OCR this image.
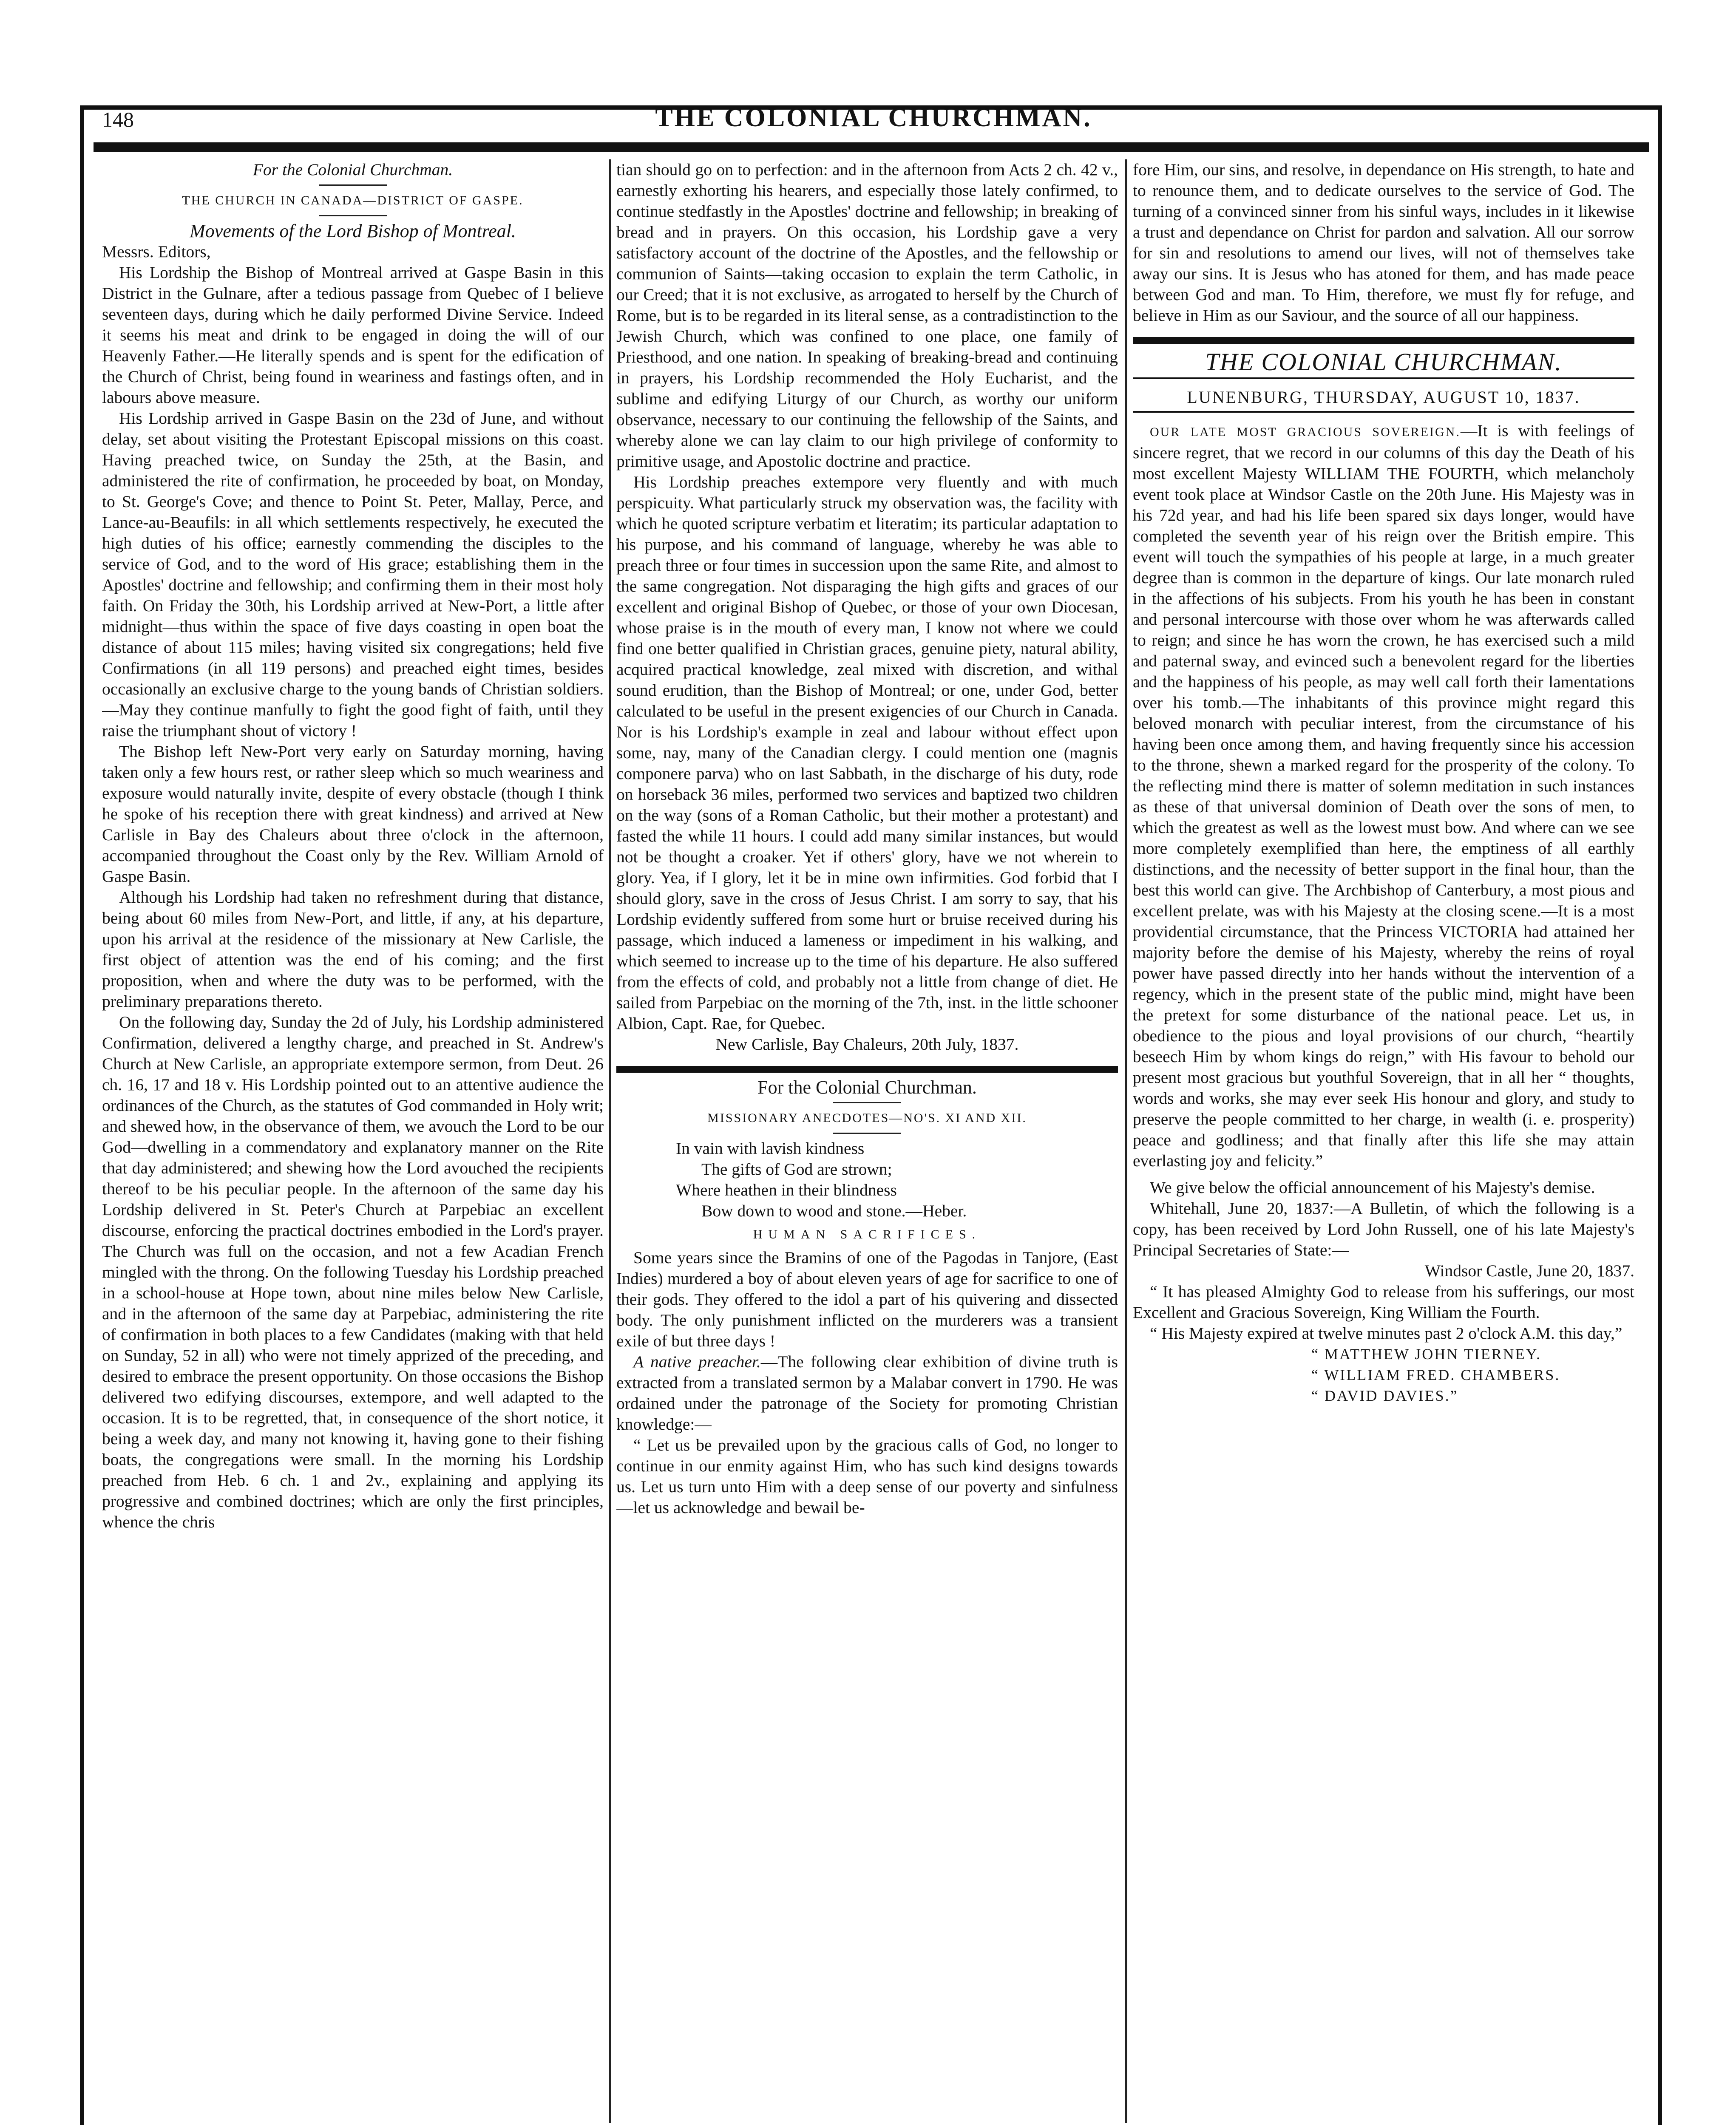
148	THE COLONIAL CHURCHMAN.

For the Colonial Churchman.

THE CHURCH IN CANADA—DISTRICT OF GASPE.

Movements of the Lord Bishop of Montreal.

Messrs. Editors,

His Lordship the Bishop of Montreal arrived at Gaspe Basin in this District in the Gulnare, after a tedious passage from Quebec of I believe seventeen days, during which he daily performed Divine Service. Indeed it seems his meat and drink to be engaged in doing the will of our Heavenly Father.—He literally spends and is spent for the edification of the Church of Christ, being found in weariness and fastings often, and in labours above measure.

His Lordship arrived in Gaspe Basin on the 23d of June, and without delay, set about visiting the Protestant Episcopal missions on this coast. Having preached twice, on Sunday the 25th, at the Basin, and administered the rite of confirmation, he proceeded by boat, on Monday, to St. George's Cove; and thence to Point St. Peter, Mallay, Perce, and Lance-au-Beaufils: in all which settlements respectively, he executed the high duties of his office; earnestly commending the disciples to the service of God, and to the word of His grace; establishing them in the Apostles' doctrine and fellowship; and confirming them in their most holy faith. On Friday the 30th, his Lordship arrived at New-Port, a little after midnight—thus within the space of five days coasting in open boat the distance of about 115 miles; having visited six congregations; held five Confirmations (in all 119 persons) and preached eight times, besides occasionally an exclusive charge to the young bands of Christian soldiers.—May they continue manfully to fight the good fight of faith, until they raise the triumphant shout of victory !

The Bishop left New-Port very early on Saturday morning, having taken only a few hours rest, or rather sleep which so much weariness and exposure would naturally invite, despite of every obstacle (though I think he spoke of his reception there with great kindness) and arrived at New Carlisle in Bay des Chaleurs about three o'clock in the afternoon, accompanied throughout the Coast only by the Rev. William Arnold of Gaspe Basin.

Although his Lordship had taken no refreshment during that distance, being about 60 miles from New-Port, and little, if any, at his departure, upon his arrival at the residence of the missionary at New Carlisle, the first object of attention was the end of his coming; and the first proposition, when and where the duty was to be performed, with the preliminary preparations thereto.

On the following day, Sunday the 2d of July, his Lordship administered Confirmation, delivered a lengthy charge, and preached in St. Andrew's Church at New Carlisle, an appropriate extempore sermon, from Deut. 26 ch. 16, 17 and 18 v. His Lordship pointed out to an attentive audience the ordinances of the Church, as the statutes of God commanded in Holy writ; and shewed how, in the observance of them, we avouch the Lord to be our God—dwelling in a commendatory and explanatory manner on the Rite that day administered; and shewing how the Lord avouched the recipients thereof to be his peculiar people. In the afternoon of the same day his Lordship delivered in St. Peter's Church at Parpebiac an excellent discourse, enforcing the practical doctrines embodied in the Lord's prayer. The Church was full on the occasion, and not a few Acadian French mingled with the throng. On the following Tuesday his Lordship preached in a school-house at Hope town, about nine miles below New Carlisle, and in the afternoon of the same day at Parpebiac, administering the rite of confirmation in both places to a few Candidates (making with that held on Sunday, 52 in all) who were not timely apprized of the preceding, and desired to embrace the present opportunity. On those occasions the Bishop delivered two edifying discourses, extempore, and well adapted to the occasion. It is to be regretted, that, in consequence of the short notice, it being a week day, and many not knowing it, having gone to their fishing boats, the congregations were small. In the morning his Lordship preached from Heb. 6 ch. 1 and 2v., explaining and applying its progressive and combined doctrines; which are only the first principles, whence the chris

tian should go on to perfection: and in the afternoon from Acts 2 ch. 42 v., earnestly exhorting his hearers, and especially those lately confirmed, to continue stedfastly in the Apostles' doctrine and fellowship; in breaking of bread and in prayers. On this occasion, his Lordship gave a very satisfactory account of the doctrine of the Apostles, and the fellowship or communion of Saints—taking occasion to explain the term Catholic, in our Creed; that it is not exclusive, as arrogated to herself by the Church of Rome, but is to be regarded in its literal sense, as a contradistinction to the Jewish Church, which was confined to one place, one family of Priesthood, and one nation. In speaking of breaking-bread and continuing in prayers, his Lordship recommended the Holy Eucharist, and the sublime and edifying Liturgy of our Church, as worthy our uniform observance, necessary to our continuing the fellowship of the Saints, and whereby alone we can lay claim to our high privilege of conformity to primitive usage, and Apostolic doctrine and practice.

His Lordship preaches extempore very fluently and with much perspicuity. What particularly struck my observation was, the facility with which he quoted scripture verbatim et literatim; its particular adaptation to his purpose, and his command of language, whereby he was able to preach three or four times in succession upon the same Rite, and almost to the same congregation. Not disparaging the high gifts and graces of our excellent and original Bishop of Quebec, or those of your own Diocesan, whose praise is in the mouth of every man, I know not where we could find one better qualified in Christian graces, genuine piety, natural ability, acquired practical knowledge, zeal mixed with discretion, and withal sound erudition, than the Bishop of Montreal; or one, under God, better calculated to be useful in the present exigencies of our Church in Canada. Nor is his Lordship's example in zeal and labour without effect upon some, nay, many of the Canadian clergy. I could mention one (magnis componere parva) who on last Sabbath, in the discharge of his duty, rode on horseback 36 miles, performed two services and baptized two children on the way (sons of a Roman Catholic, but their mother a protestant) and fasted the while 11 hours. I could add many similar instances, but would not be thought a croaker. Yet if others' glory, have we not wherein to glory. Yea, if I glory, let it be in mine own infirmities. God forbid that I should glory, save in the cross of Jesus Christ. I am sorry to say, that his Lordship evidently suffered from some hurt or bruise received during his passage, which induced a lameness or impediment in his walking, and which seemed to increase up to the time of his departure. He also suffered from the effects of cold, and probably not a little from change of diet. He sailed from Parpebiac on the morning of the 7th, inst. in the little schooner Albion, Capt. Rae, for Quebec.

New Carlisle, Bay Chaleurs, 20th July, 1837.

For the Colonial Churchman.

MISSIONARY ANECDOTES—NO'S. XI AND XII.

In vain with lavish kindness

The gifts of God are strown;

Where heathen in their blindness

Bow down to wood and stone.—Heber.

HUMAN SACRIFICES.

Some years since the Bramins of one of the Pagodas in Tanjore, (East Indies) murdered a boy of about eleven years of age for sacrifice to one of their gods. They offered to the idol a part of his quivering and dissected body. The only punishment inflicted on the murderers was a transient exile of but three days !

A native preacher.—The following clear exhibition of divine truth is extracted from a translated sermon by a Malabar convert in 1790. He was ordained under the patronage of the Society for promoting Christian knowledge:—

“ Let us be prevailed upon by the gracious calls of God, no longer to continue in our enmity against Him, who has such kind designs towards us. Let us turn unto Him with a deep sense of our poverty and sinfulness—let us acknowledge and bewail be-

fore Him, our sins, and resolve, in dependance on His strength, to hate and to renounce them, and to dedicate ourselves to the service of God. The turning of a convinced sinner from his sinful ways, includes in it likewise a trust and dependance on Christ for pardon and salvation. All our sorrow for sin and resolutions to amend our lives, will not of themselves take away our sins. It is Jesus who has atoned for them, and has made peace between God and man. To Him, therefore, we must fly for refuge, and believe in Him as our Saviour, and the source of all our happiness.

THE COLONIAL CHURCHMAN.
LUNENBURG, THURSDAY, AUGUST 10, 1837.

OUR LATE MOST GRACIOUS SOVEREIGN.—It is with feelings of sincere regret, that we record in our columns of this day the Death of his most excellent Majesty WILLIAM THE FOURTH, which melancholy event took place at Windsor Castle on the 20th June. His Majesty was in his 72d year, and had his life been spared six days longer, would have completed the seventh year of his reign over the British empire. This event will touch the sympathies of his people at large, in a much greater degree than is common in the departure of kings. Our late monarch ruled in the affections of his subjects. From his youth he has been in constant and personal intercourse with those over whom he was afterwards called to reign; and since he has worn the crown, he has exercised such a mild and paternal sway, and evinced such a benevolent regard for the liberties and the happiness of his people, as may well call forth their lamentations over his tomb.—The inhabitants of this province might regard this beloved monarch with peculiar interest, from the circumstance of his having been once among them, and having frequently since his accession to the throne, shewn a marked regard for the prosperity of the colony. To the reflecting mind there is matter of solemn meditation in such instances as these of that universal dominion of Death over the sons of men, to which the greatest as well as the lowest must bow. And where can we see more completely exemplified than here, the emptiness of all earthly distinctions, and the necessity of better support in the final hour, than the best this world can give. The Archbishop of Canterbury, a most pious and excellent prelate, was with his Majesty at the closing scene.—It is a most providential circumstance, that the Princess VICTORIA had attained her majority before the demise of his Majesty, whereby the reins of royal power have passed directly into her hands without the intervention of a regency, which in the present state of the public mind, might have been the pretext for some disturbance of the national peace. Let us, in obedience to the pious and loyal provisions of our church, “heartily beseech Him by whom kings do reign,” with His favour to behold our present most gracious but youthful Sovereign, that in all her “ thoughts, words and works, she may ever seek His honour and glory, and study to preserve the people committed to her charge, in wealth (i. e. prosperity) peace and godliness; and that finally after this life she may attain everlasting joy and felicity.”

We give below the official announcement of his Majesty's demise.

Whitehall, June 20, 1837:—A Bulletin, of which the following is a copy, has been received by Lord John Russell, one of his late Majesty's Principal Secretaries of State:—

Windsor Castle, June 20, 1837.

“ It has pleased Almighty God to release from his sufferings, our most Excellent and Gracious Sovereign, King William the Fourth.

“ His Majesty expired at twelve minutes past 2 o'clock A.M. this day,”

“ MATTHEW JOHN TIERNEY.

“ WILLIAM FRED. CHAMBERS.

“ DAVID DAVIES.”
